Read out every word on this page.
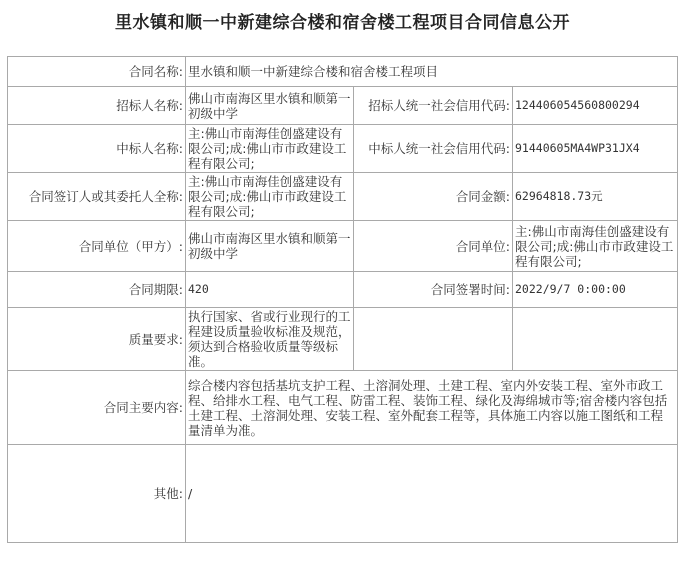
里水镇和顺一中新建综合楼和宿舍楼工程项目合同信息公开
合同名称:	里水镇和顺一中新建综合楼和宿舍楼工程项目		
招标人名称:	佛山市南海区里水镇和顺第一初级中学	招标人统一社会信用代码:	124406054560800294
中标人名称:	主:佛山市南海佳创盛建设有限公司;成:佛山市市政建设工程有限公司;	中标人统一社会信用代码:	91440605MA4WP31JX4
合同签订人或其委托人全称:	主:佛山市南海佳创盛建设有限公司;成:佛山市市政建设工程有限公司;	合同金额:	62964818.73元
合同单位（甲方）:	佛山市南海区里水镇和顺第一初级中学	合同单位:	主:佛山市南海佳创盛建设有限公司;成:佛山市市政建设工程有限公司;
合同期限:	420	合同签署时间:	2022/9/7 0:00:00
质量要求:	执行国家、省或行业现行的工程建设质量验收标准及规范，须达到合格验收质量等级标准。		
合同主要内容:	综合楼内容包括基坑支护工程、土溶洞处理、土建工程、室内外安装工程、室外市政工程、给排水工程、电气工程、防雷工程、装饰工程、绿化及海绵城市等;宿舍楼内容包括土建工程、土溶洞处理、安装工程、室外配套工程等，具体施工内容以施工图纸和工程量清单为准。		
其他:	/		
